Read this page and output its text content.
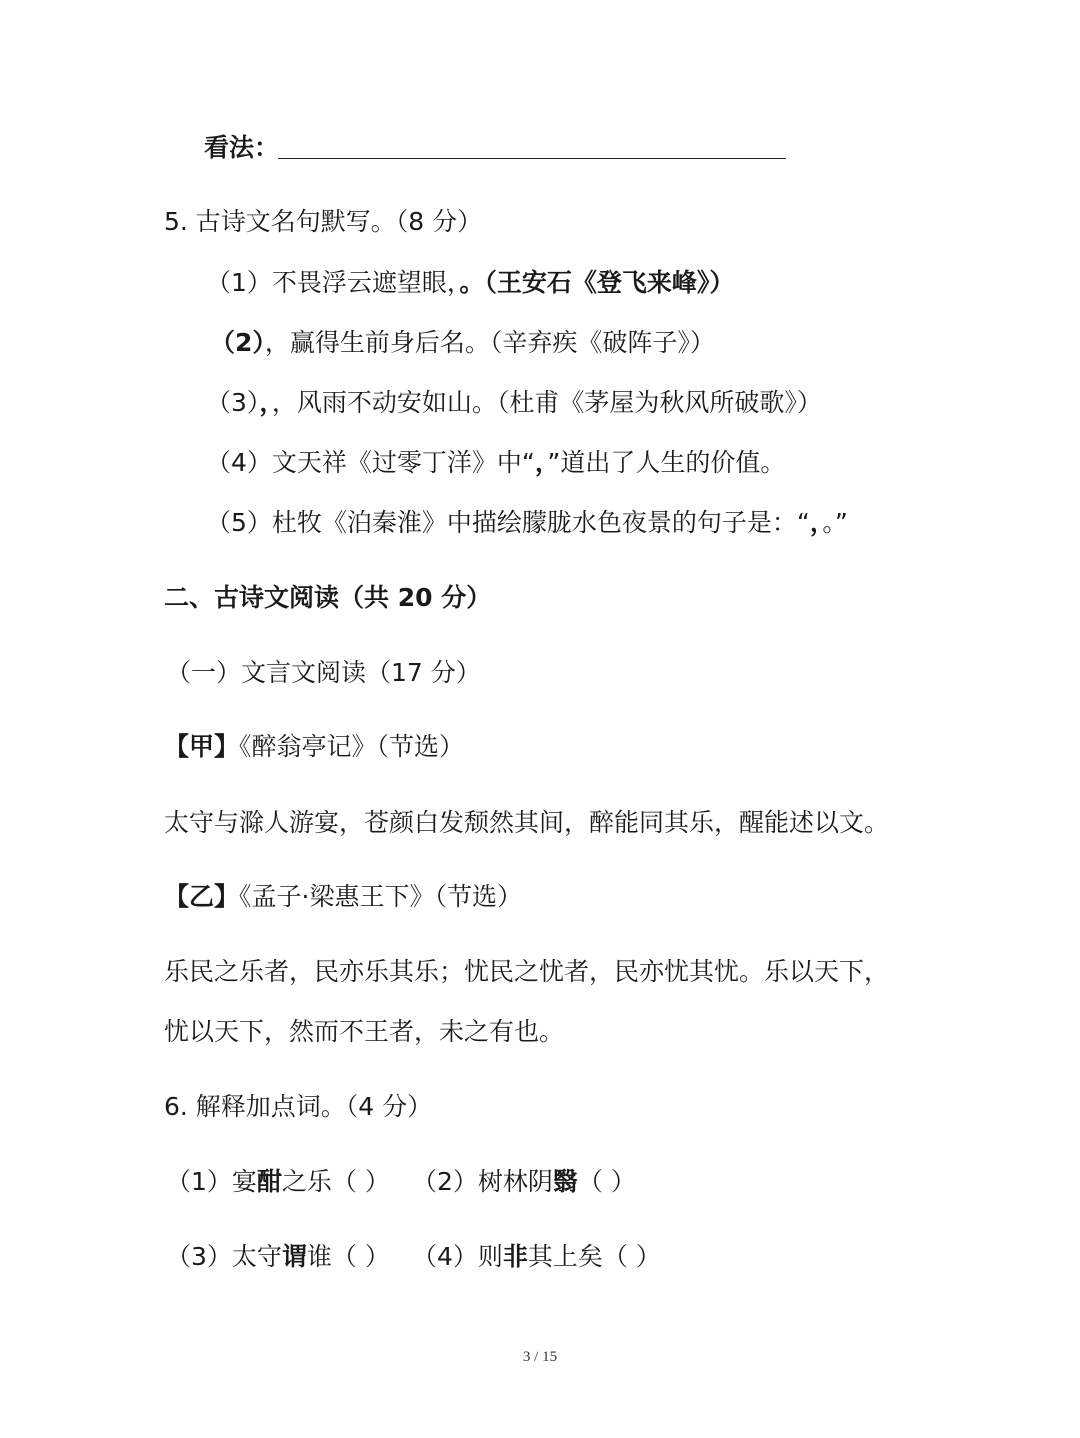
看法：
5. 古诗文名句默写。（8 分）
（1）不畏浮云遮望眼，。（王安石《登飞来峰》）
（2），赢得生前身后名。（辛弃疾《破阵子》）
（3），，风雨不动安如山。（杜甫《茅屋为秋风所破歌》）
（4）文天祥《过零丁洋》中“，”道出了人生的价值。
（5）杜牧《泊秦淮》中描绘朦胧水色夜景的句子是：“，。”
二、古诗文阅读（共 20 分）
（一）文言文阅读（17 分）
【甲】《醉翁亭记》（节选）
太守与滁人游宴，苍颜白发颓然其间，醉能同其乐，醒能述以文。
【乙】《孟子·梁惠王下》（节选）
乐民之乐者，民亦乐其乐；忧民之忧者，民亦忧其忧。乐以天下，
忧以天下，然而不王者，未之有也。
6. 解释加点词。（4 分）
（1）宴酣之乐（ ） （2）树林阴翳（ ）
（3）太守谓谁（ ） （4）则非其上矣（ ）
3 / 15
